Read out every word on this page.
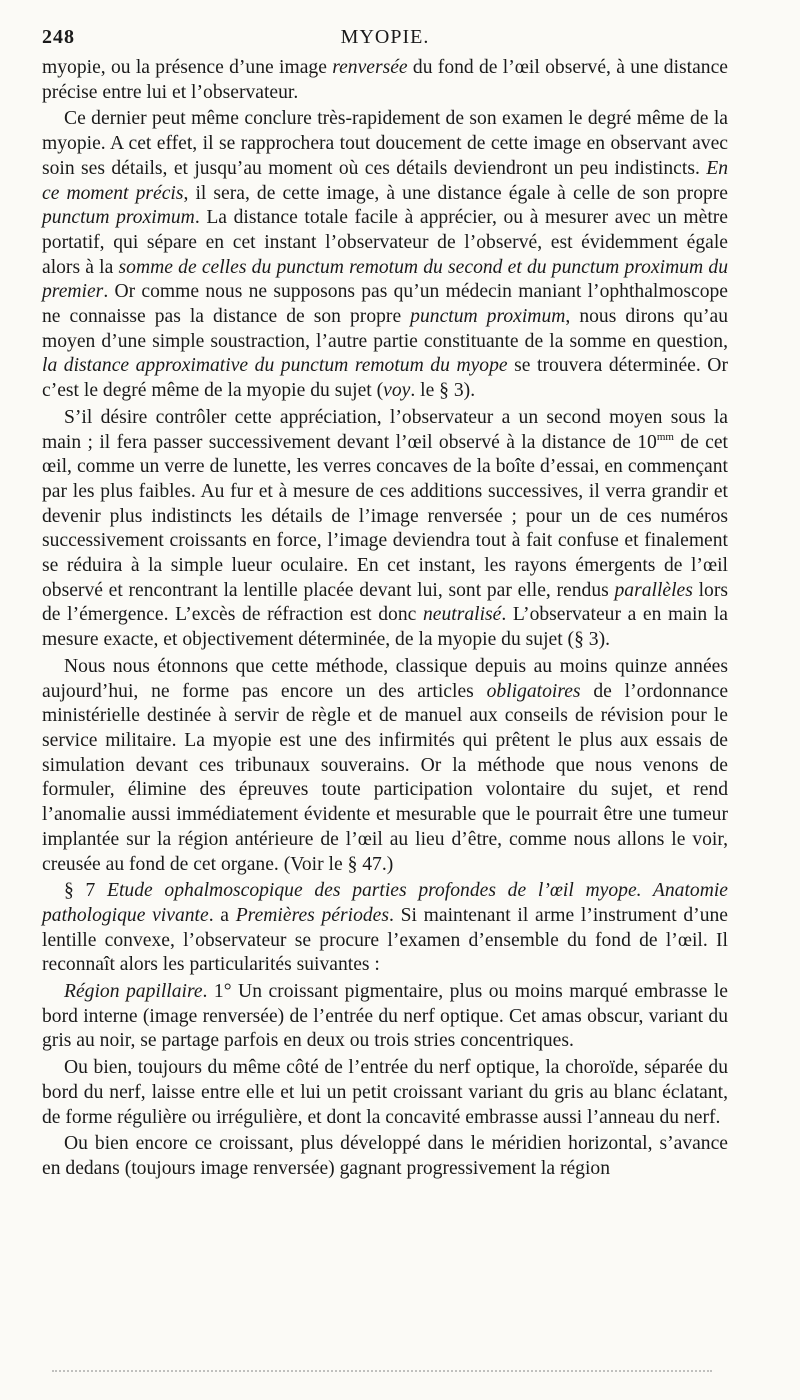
248	MYOPIE.

myopie, ou la présence d’une image renversée du fond de l’œil observé, à une distance précise entre lui et l’observateur.

Ce dernier peut même conclure très-rapidement de son examen le degré même de la myopie. A cet effet, il se rapprochera tout doucement de cette image en observant avec soin ses détails, et jusqu’au moment où ces détails deviendront un peu indistincts. En ce moment précis, il sera, de cette image, à une distance égale à celle de son propre punctum proximum. La distance totale facile à apprécier, ou à mesurer avec un mètre portatif, qui sépare en cet instant l’observateur de l’observé, est évidemment égale alors à la somme de celles du punctum remotum du second et du punctum proximum du premier. Or comme nous ne supposons pas qu’un médecin maniant l’ophthalmoscope ne connaisse pas la distance de son propre punctum proximum, nous dirons qu’au moyen d’une simple soustraction, l’autre partie constituante de la somme en question, la distance approximative du punctum remotum du myope se trouvera déterminée. Or c’est le degré même de la myopie du sujet (voy. le § 3).

S’il désire contrôler cette appréciation, l’observateur a un second moyen sous la main ; il fera passer successivement devant l’œil observé à la distance de $10^{mm}$ de cet œil, comme un verre de lunette, les verres concaves de la boîte d’essai, en commençant par les plus faibles. Au fur et à mesure de ces additions successives, il verra grandir et devenir plus indistincts les détails de l’image renversée ; pour un de ces numéros successivement croissants en force, l’image deviendra tout à fait confuse et finalement se réduira à la simple lueur oculaire. En cet instant, les rayons émergents de l’œil observé et rencontrant la lentille placée devant lui, sont par elle, rendus parallèles lors de l’émergence. L’excès de réfraction est donc neutralisé. L’observateur a en main la mesure exacte, et objectivement déterminée, de la myopie du sujet (§ 3).

Nous nous étonnons que cette méthode, classique depuis au moins quinze années aujourd’hui, ne forme pas encore un des articles obligatoires de l’ordonnance ministérielle destinée à servir de règle et de manuel aux conseils de révision pour le service militaire. La myopie est une des infirmités qui prêtent le plus aux essais de simulation devant ces tribunaux souverains. Or la méthode que nous venons de formuler, élimine des épreuves toute participation volontaire du sujet, et rend l’anomalie aussi immédiatement évidente et mesurable que le pourrait être une tumeur implantée sur la région antérieure de l’œil au lieu d’être, comme nous allons le voir, creusée au fond de cet organe. (Voir le § 47.)

§ 7 Etude ophalmoscopique des parties profondes de l’œil myope. Anatomie pathologique vivante. a Premières périodes. Si maintenant il arme l’instrument d’une lentille convexe, l’observateur se procure l’examen d’ensemble du fond de l’œil. Il reconnaît alors les particularités suivantes :

Région papillaire. 1° Un croissant pigmentaire, plus ou moins marqué embrasse le bord interne (image renversée) de l’entrée du nerf optique. Cet amas obscur, variant du gris au noir, se partage parfois en deux ou trois stries concentriques.

Ou bien, toujours du même côté de l’entrée du nerf optique, la choroïde, séparée du bord du nerf, laisse entre elle et lui un petit croissant variant du gris au blanc éclatant, de forme régulière ou irrégulière, et dont la concavité embrasse aussi l’anneau du nerf.

Ou bien encore ce croissant, plus développé dans le méridien horizontal, s’avance en dedans (toujours image renversée) gagnant progressivement la région
